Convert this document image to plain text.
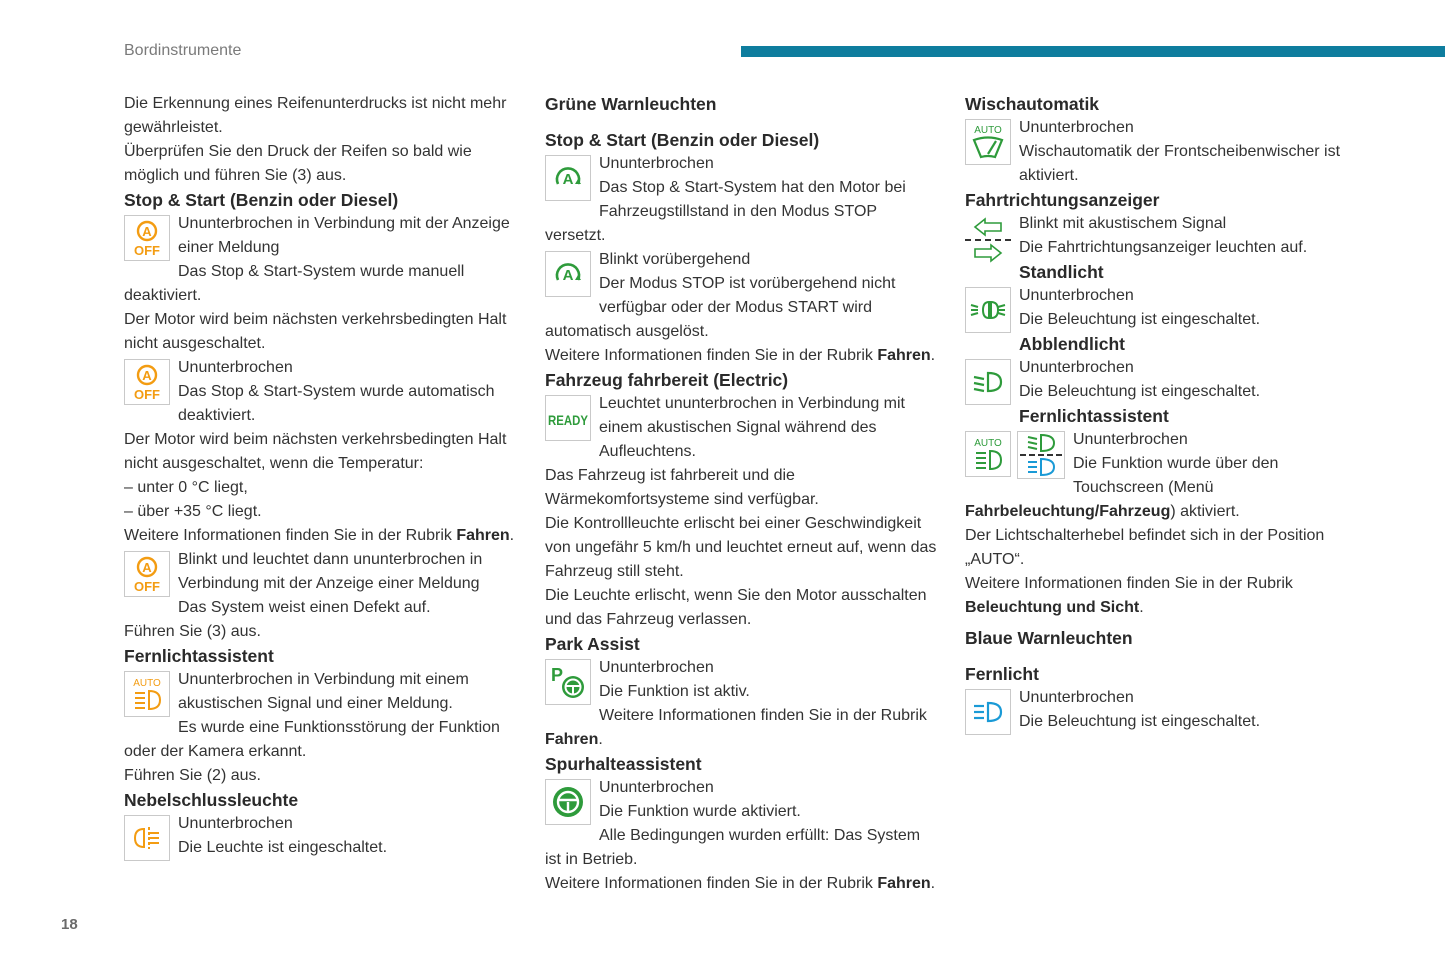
Bordinstrumente

Die Erkennung eines Reifenunterdrucks ist nicht mehr gewährleistet.

Überprüfen Sie den Druck der Reifen so bald wie möglich und führen Sie (3) aus.

Stop & Start (Benzin oder Diesel)

A
OFF

Ununterbrochen in Verbindung mit der Anzeige einer Meldung

Das Stop & Start-System wurde manuell deaktiviert.

Der Motor wird beim nächsten verkehrsbedingten Halt nicht ausgeschaltet.

A
OFF

Ununterbrochen

Das Stop & Start-System wurde automatisch deaktiviert.

Der Motor wird beim nächsten verkehrsbedingten Halt nicht ausgeschaltet, wenn die Temperatur:

– unter 0 °C liegt,

– über +35 °C liegt.

Weitere Informationen finden Sie in der Rubrik Fahren.

A
OFF

Blinkt und leuchtet dann ununterbrochen in Verbindung mit der Anzeige einer Meldung

Das System weist einen Defekt auf.

Führen Sie (3) aus.

Fernlichtassistent

AUTO	Ununterbrochen in Verbindung mit einem akustischen Signal und einer Meldung.

Es wurde eine Funktionsstörung der Funktion oder der Kamera erkannt.

Führen Sie (2) aus.

Nebelschlussleuchte

Ununterbrochen

Die Leuchte ist eingeschaltet.

Grüne Warnleuchten

Stop & Start (Benzin oder Diesel)

A

Ununterbrochen

Das Stop & Start-System hat den Motor bei Fahrzeugstillstand in den Modus STOP versetzt.

A

Blinkt vorübergehend

Der Modus STOP ist vorübergehend nicht verfügbar oder der Modus START wird automatisch ausgelöst.

Weitere Informationen finden Sie in der Rubrik Fahren.

Fahrzeug fahrbereit (Electric)

READY

Leuchtet ununterbrochen in Verbindung mit einem akustischen Signal während des Aufleuchtens.

Das Fahrzeug ist fahrbereit und die Wärmekomfortsysteme sind verfügbar.

Die Kontrollleuchte erlischt bei einer Geschwindigkeit von ungefähr 5 km/h und leuchtet erneut auf, wenn das Fahrzeug still steht.

Die Leuchte erlischt, wenn Sie den Motor ausschalten und das Fahrzeug verlassen.

Park Assist

P	Ununterbrochen

Die Funktion ist aktiv.

Weitere Informationen finden Sie in der Rubrik Fahren.

Spurhalteassistent

Ununterbrochen

Die Funktion wurde aktiviert.

Alle Bedingungen wurden erfüllt: Das System ist in Betrieb.

Weitere Informationen finden Sie in der Rubrik Fahren.

Wischautomatik

AUTO	Ununterbrochen

Wischautomatik der Frontscheibenwischer ist aktiviert.

Fahrtrichtungsanzeiger

Blinkt mit akustischem Signal

Die Fahrtrichtungsanzeiger leuchten auf.

Standlicht

Ununterbrochen

Die Beleuchtung ist eingeschaltet.

Abblendlicht

Ununterbrochen

Die Beleuchtung ist eingeschaltet.

Fernlichtassistent

AUTO	Ununterbrochen

Die Funktion wurde über den Touchscreen (Menü

Fahrbeleuchtung/Fahrzeug) aktiviert.

Der Lichtschalterhebel befindet sich in der Position „AUTO“.

Weitere Informationen finden Sie in der Rubrik Beleuchtung und Sicht.

Blaue Warnleuchten

Fernlicht

Ununterbrochen

Die Beleuchtung ist eingeschaltet.

18
